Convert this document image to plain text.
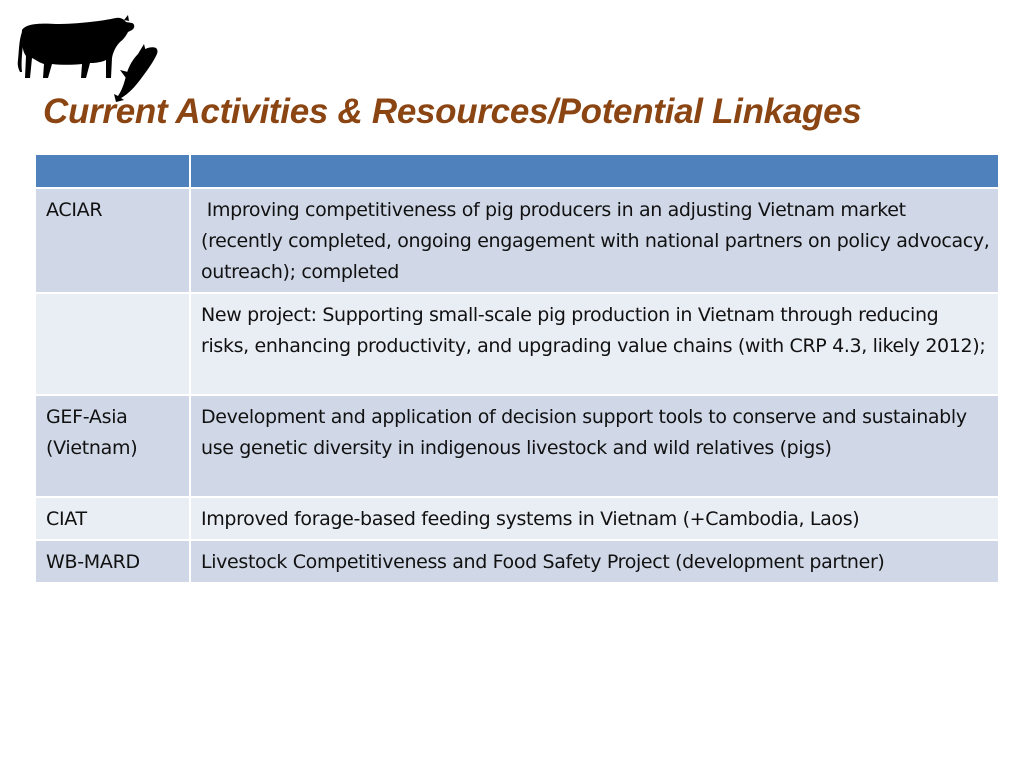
Current Activities & Resources/Potential Linkages

ACIAR	Improving competitiveness of pig producers in an adjusting Vietnam market (recently completed, ongoing engagement with national partners on policy advocacy, outreach); completed
	New project: Supporting small-scale pig production in Vietnam through reducing risks, enhancing productivity, and upgrading value chains (with CRP 4.3, likely 2012);
GEF-Asia (Vietnam)	Development and application of decision support tools to conserve and sustainably use genetic diversity in indigenous livestock and wild relatives (pigs)
CIAT	Improved forage-based feeding systems in Vietnam (+Cambodia, Laos)
WB-MARD	Livestock Competitiveness and Food Safety Project (development partner)
